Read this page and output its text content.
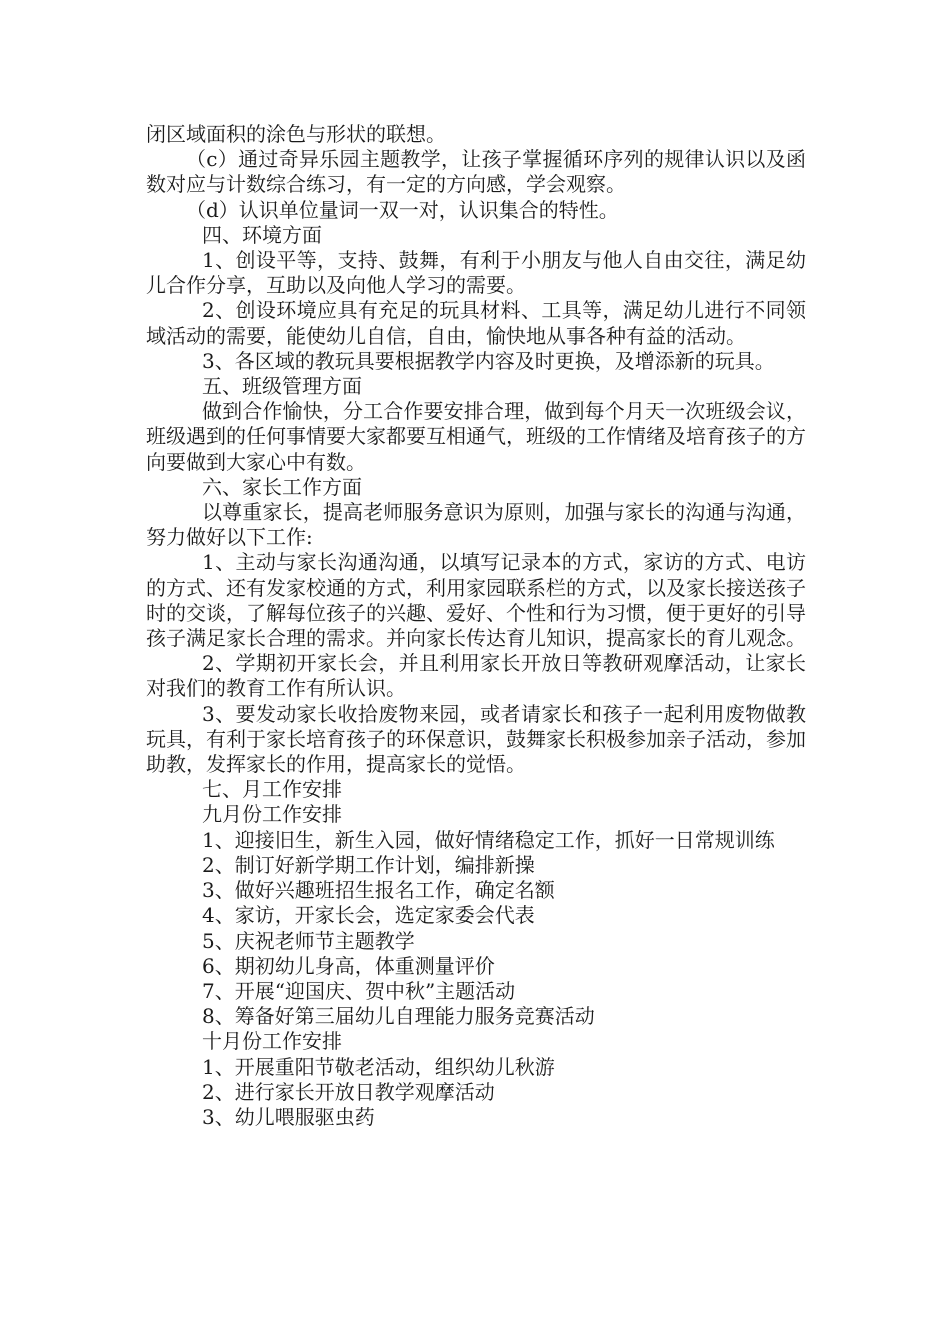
闭区域面积的涂色与形状的联想。

（c）通过奇异乐园主题教学，让孩子掌握循环序列的规律认识以及函数对应与计数综合练习，有一定的方向感，学会观察。

（d）认识单位量词一双一对，认识集合的特性。

四、环境方面

1、创设平等，支持、鼓舞，有利于小朋友与他人自由交往，满足幼儿合作分享，互助以及向他人学习的需要。

2、创设环境应具有充足的玩具材料、工具等，满足幼儿进行不同领域活动的需要，能使幼儿自信，自由，愉快地从事各种有益的活动。

3、各区域的教玩具要根据教学内容及时更换，及增添新的玩具。

五、班级管理方面

做到合作愉快，分工合作要安排合理，做到每个月天一次班级会议，班级遇到的任何事情要大家都要互相通气，班级的工作情绪及培育孩子的方向要做到大家心中有数。

六、家长工作方面

以尊重家长，提高老师服务意识为原则，加强与家长的沟通与沟通，努力做好以下工作:

1、主动与家长沟通沟通，以填写记录本的方式，家访的方式、电访的方式、还有发家校通的方式，利用家园联系栏的方式，以及家长接送孩子时的交谈，了解每位孩子的兴趣、爱好、个性和行为习惯，便于更好的引导孩子满足家长合理的需求。并向家长传达育儿知识，提高家长的育儿观念。

2、学期初开家长会，并且利用家长开放日等教研观摩活动，让家长对我们的教育工作有所认识。

3、要发动家长收拾废物来园，或者请家长和孩子一起利用废物做教玩具，有利于家长培育孩子的环保意识，鼓舞家长积极参加亲子活动，参加助教，发挥家长的作用，提高家长的觉悟。

七、月工作安排

九月份工作安排

1、迎接旧生，新生入园，做好情绪稳定工作，抓好一日常规训练

2、制订好新学期工作计划，编排新操

3、做好兴趣班招生报名工作，确定名额

4、家访，开家长会，选定家委会代表

5、庆祝老师节主题教学

6、期初幼儿身高，体重测量评价

7、开展“迎国庆、贺中秋”主题活动

8、筹备好第三届幼儿自理能力服务竞赛活动

十月份工作安排

1、开展重阳节敬老活动，组织幼儿秋游

2、进行家长开放日教学观摩活动

3、幼儿喂服驱虫药
